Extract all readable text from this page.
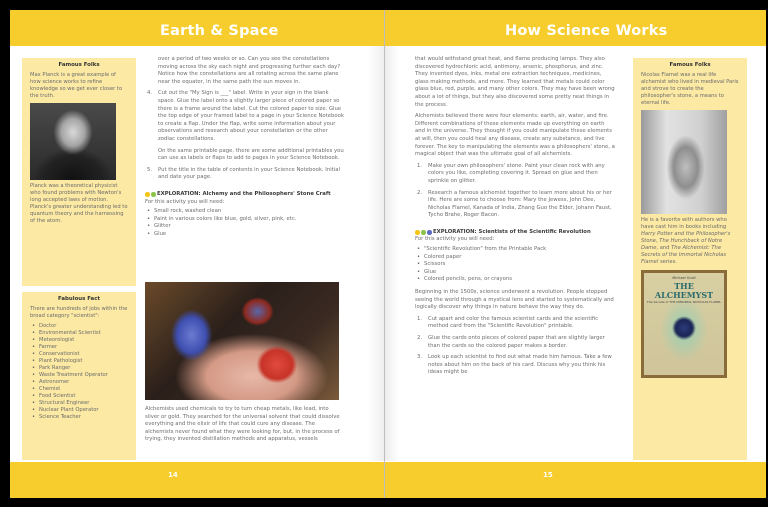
Earth & Space
Famous Folks

Max Planck is a great example of how science works to refine knowledge so we get ever closer to the truth.

Planck was a theoretical physicist who found problems with Newton's long accepted laws of motion. Planck's greater understanding led to quantum theory and the harnessing of the atom.

Fabulous Fact

There are hundreds of jobs within the broad category "scientist":

• Doctor
• Environmental Scientist
• Meteorologist
• Farmer
• Conservationist
• Plant Pathologist
• Park Ranger
• Waste Treatment Operator
• Astronomer
• Chemist
• Food Scientist
• Structural Engineer
• Nuclear Plant Operator
• Science Teacher

over a period of two weeks or so. Can you see the constellations moving across the sky each night and progressing further each day? Notice how the constellations are all rotating across the same plane near the equator, in the same path the sun moves in.

4. Cut out the "My Sign is ___" label. Write in your sign in the blank space. Glue the label onto a slightly larger piece of colored paper so there is a frame around the label. Cut the colored paper to size. Glue the top edge of your framed label to a page in your Science Notebook to create a flap. Under the flap, write some information about your observations and research about your constellation or the other zodiac constellations.
On the same printable page, there are some additional printables you can use as labels or flaps to add to pages in your Science Notebook.
5. Put the title in the table of contents in your Science Notebook. Initial and date your page.
EXPLORATION: Alchemy and the Philosophers' Stone Craft

For this activity you will need:

• Small rock, washed clean
• Paint in various colors like blue, gold, silver, pink, etc.
• Glitter
• Glue

Alchemists used chemicals to try to turn cheap metals, like lead, into silver or gold. They searched for the universal solvent that could dissolve everything and the elixir of life that could cure any disease. The alchemists never found what they were looking for, but, in the process of trying, they invented distillation methods and apparatus, vessels

14
How Science Works

that would withstand great heat, and flame producing lamps. They also discovered hydrochloric acid, antimony, arsenic, phosphorus, and zinc. They invented dyes, inks, metal ore extraction techniques, medicines, glass making methods, and more. They learned that metals could color glass blue, red, purple, and many other colors. They may have been wrong about a lot of things, but they also discovered some pretty neat things in the process.

Alchemists believed there were four elements: earth, air, water, and fire. Different combinations of these elements made up everything on earth and in the universe. They thought if you could manipulate these elements at will, then you could heal any disease, create any substance, and live forever. The key to manipulating the elements was a philosophers' stone, a magical object that was the ultimate goal of all alchemists.

1. Make your own philosophers' stone. Paint your clean rock with any colors you like, completing covering it. Spread on glue and then sprinkle on glitter.
2. Research a famous alchemist together to learn more about his or her life. Here are some to choose from: Mary the Jewess, John Dee, Nicholas Flamel, Kanada of India, Zhang Guo the Elder, Johann Faust, Tycho Brahe, Roger Bacon.
EXPLORATION: Scientists of the Scientific Revolution

For this activity you will need:

• "Scientific Revolution" from the Printable Pack
• Colored paper
• Scissors
• Glue
• Colored pencils, pens, or crayons

Beginning in the 1500s, science underwent a revolution. People stopped seeing the world through a mystical lens and started to systematically and logically discover why things in nature behave the way they do.

1. Cut apart and color the famous scientist cards and the scientific method card from the "Scientific Revolution" printable.
2. Glue the cards onto pieces of colored paper that are slightly larger than the cards so the colored paper makes a border.
3. Look up each scientist to find out what made him famous. Take a few notes about him on the back of his card. Discuss why you think his ideas might be
Famous Folks

Nicolas Flamel was a real life alchemist who lived in medieval Paris and strove to create the philosopher's stone, a means to eternal life.

He is a favorite with authors who have cast him in books including Harry Potter and the Philosopher's Stone, The Hunchback of Notre Dame, and The Alchemist: The Secrets of the Immortal Nicholas Flamel series.

Michael Scott
THE
ALCHEMYST
The Secrets of THE IMMORTAL NICHOLAS FLAMEL
15
